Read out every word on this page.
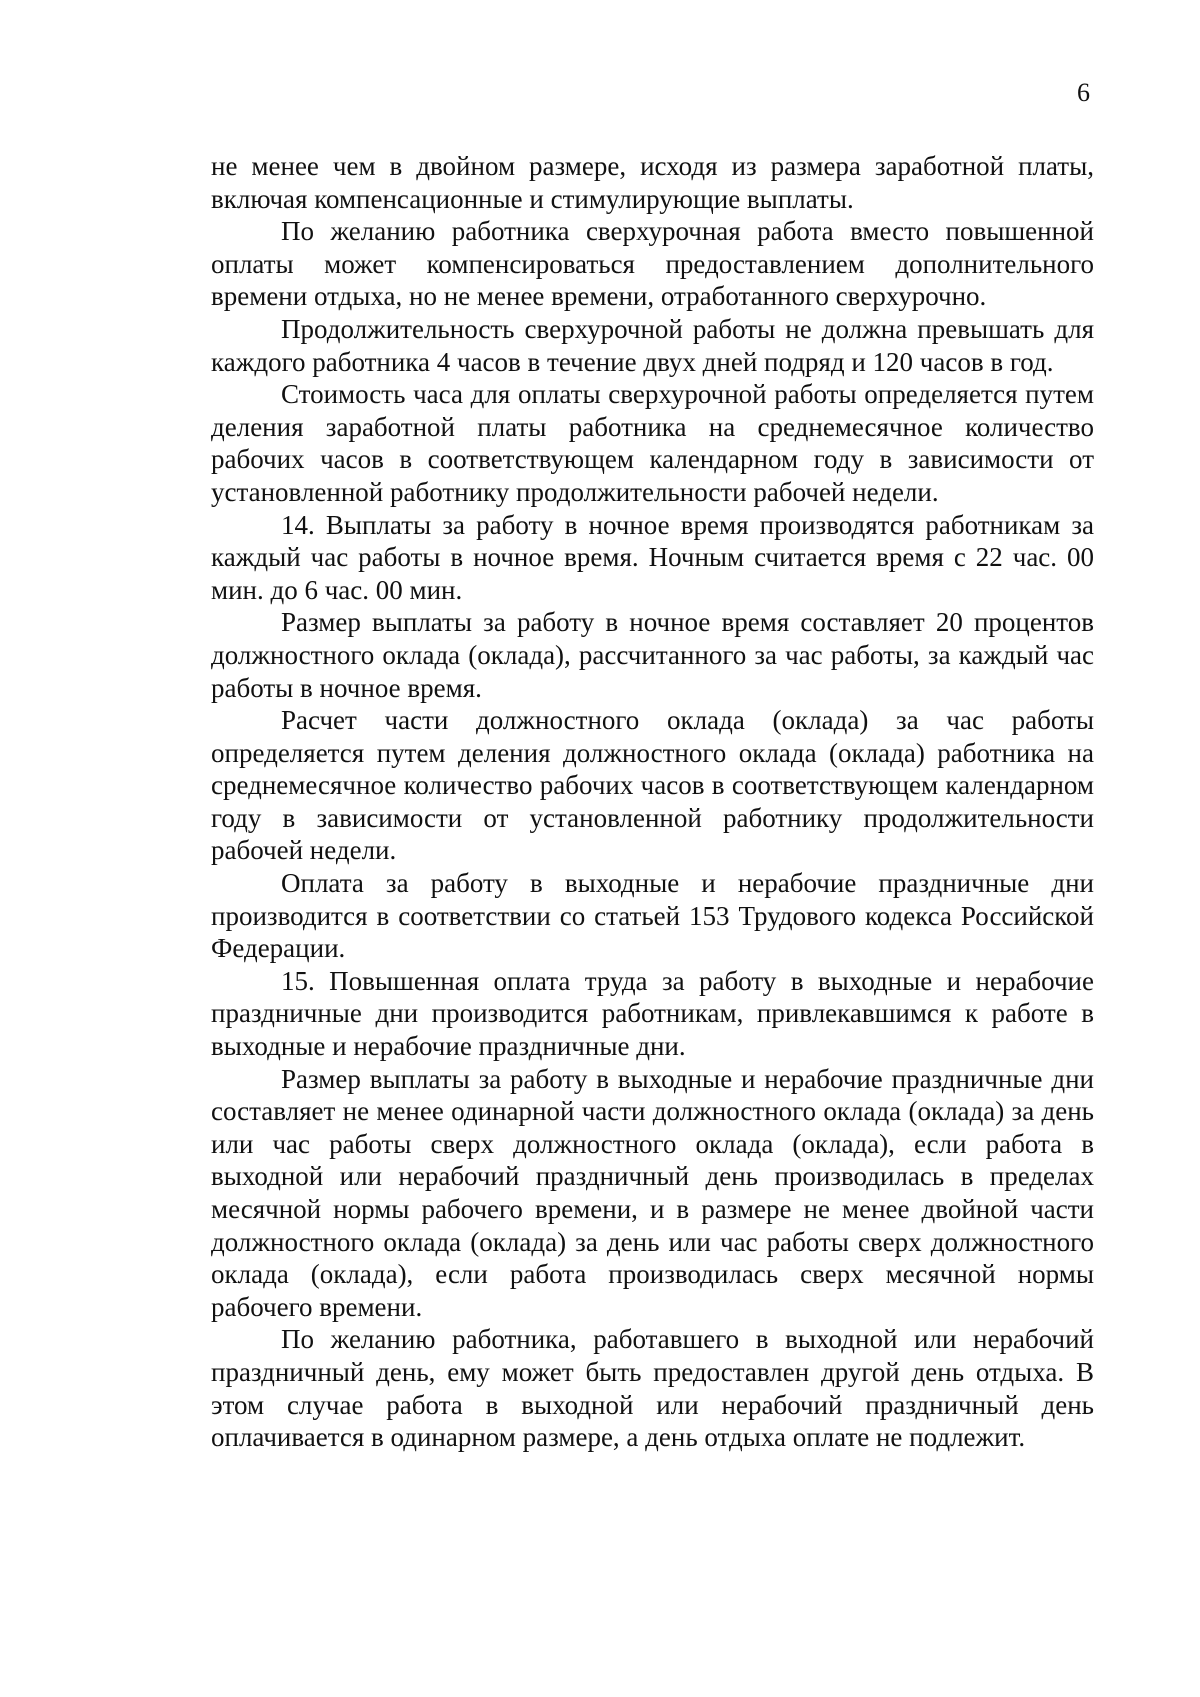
6

не менее чем в двойном размере, исходя из размера заработной платы, включая компенсационные и стимулирующие выплаты.

По желанию работника сверхурочная работа вместо повышенной оплаты может компенсироваться предоставлением дополнительного времени отдыха, но не менее времени, отработанного сверхурочно.

Продолжительность сверхурочной работы не должна превышать для каждого работника 4 часов в течение двух дней подряд и 120 часов в год.

Стоимость часа для оплаты сверхурочной работы определяется путем деления заработной платы работника на среднемесячное количество рабочих часов в соответствующем календарном году в зависимости от установленной работнику продолжительности рабочей недели.

14. Выплаты за работу в ночное время производятся работникам за каждый час работы в ночное время. Ночным считается время с 22 час. 00 мин. до 6 час. 00 мин.

Размер выплаты за работу в ночное время составляет 20 процентов должностного оклада (оклада), рассчитанного за час работы, за каждый час работы в ночное время.

Расчет части должностного оклада (оклада) за час работы определяется путем деления должностного оклада (оклада) работника на среднемесячное количество рабочих часов в соответствующем календарном году в зависимости от установленной работнику продолжительности рабочей недели.

Оплата за работу в выходные и нерабочие праздничные дни производится в соответствии со статьей 153 Трудового кодекса Российской Федерации.

15. Повышенная оплата труда за работу в выходные и нерабочие праздничные дни производится работникам, привлекавшимся к работе в выходные и нерабочие праздничные дни.

Размер выплаты за работу в выходные и нерабочие праздничные дни составляет не менее одинарной части должностного оклада (оклада) за день или час работы сверх должностного оклада (оклада), если работа в выходной или нерабочий праздничный день производилась в пределах месячной нормы рабочего времени, и в размере не менее двойной части должностного оклада (оклада) за день или час работы сверх должностного оклада (оклада), если работа производилась сверх месячной нормы рабочего времени.

По желанию работника, работавшего в выходной или нерабочий праздничный день, ему может быть предоставлен другой день отдыха. В этом случае работа в выходной или нерабочий праздничный день оплачивается в одинарном размере, а день отдыха оплате не подлежит.
